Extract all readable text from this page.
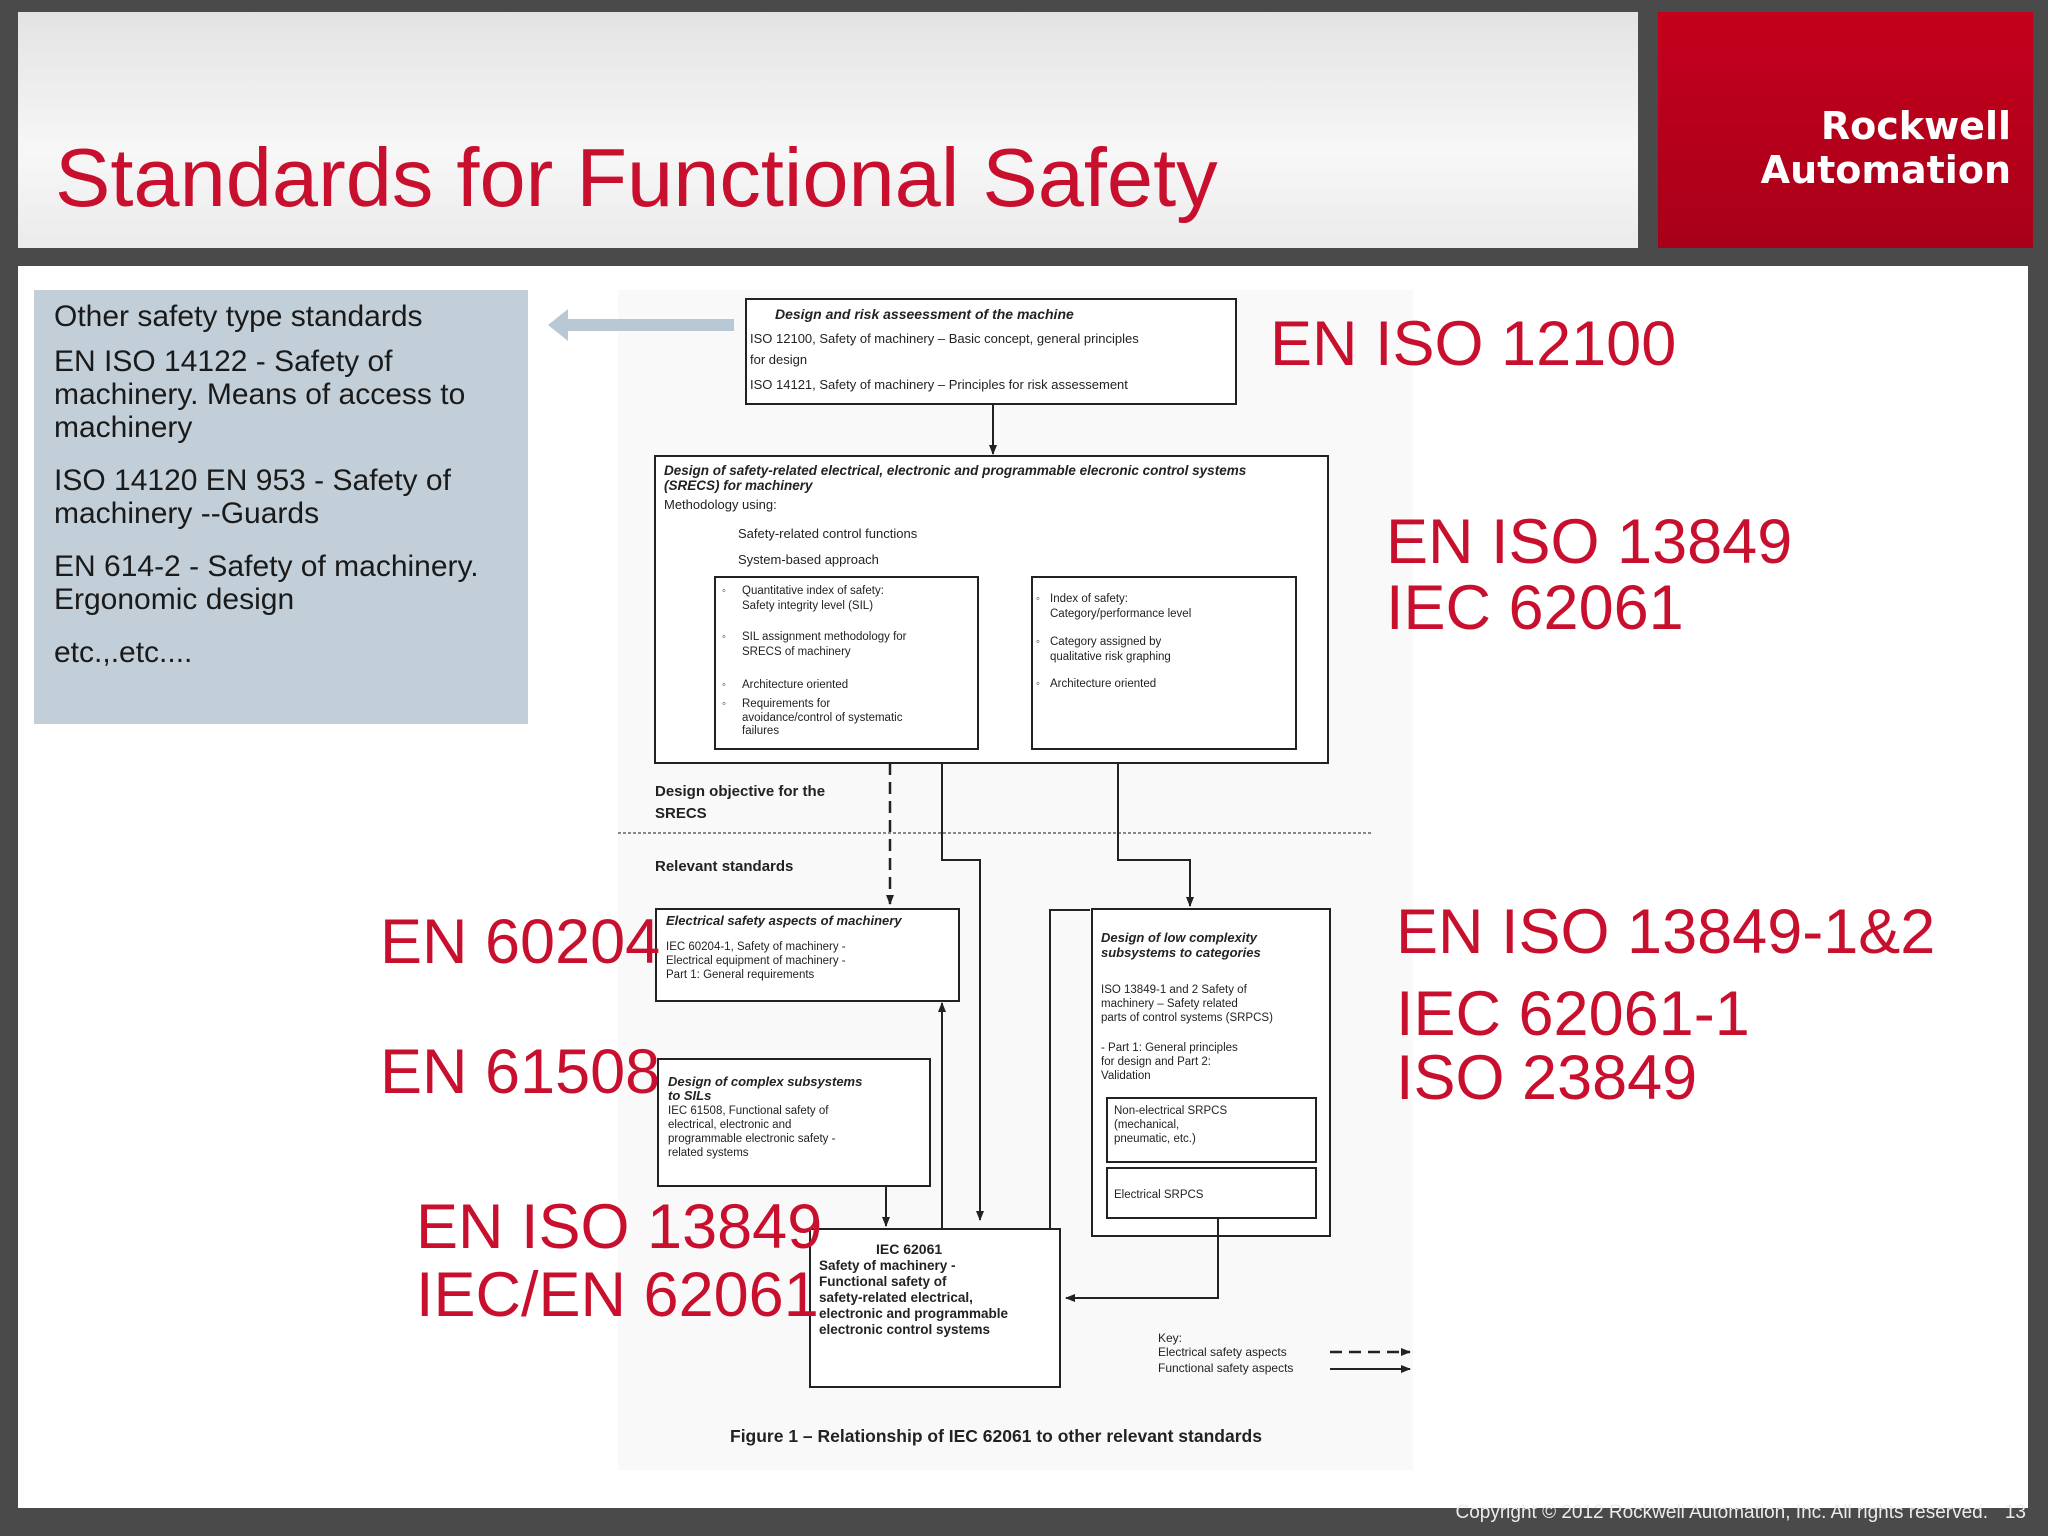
Standards for Functional Safety
Rockwell
Automation

Other safety type standards

EN ISO 14122 - Safety of machinery. Means of access to machinery

ISO 14120 EN 953 - Safety of machinery --Guards

EN 614-2 - Safety of machinery. Ergonomic design

etc.,.etc....

Design and risk asseessment of the machine
ISO 12100, Safety of machinery – Basic concept, general principles
for design
ISO 14121, Safety of machinery – Principles for risk assessement
Design of safety-related electrical, electronic and programmable elecronic control systems
(SRECS) for machinery
Methodology using:
Safety-related control functions
System-based approach
Quantitative index of safety:
Safety integrity level (SIL)
SIL assignment methodology for
SRECS of machinery
Architecture oriented
Requirements for
avoidance/control of systematic
failures
◦
◦
◦
◦
Index of safety:
Category/performance level
Category assigned by
qualitative risk graphing
Architecture oriented
◦
◦
◦
Design objective for the
SRECS
Relevant standards
Electrical safety aspects of machinery
IEC 60204-1, Safety of machinery -
Electrical equipment of machinery -
Part 1: General requirements
Design of complex subsystems
to SILs
IEC 61508, Functional safety of
electrical, electronic and
programmable electronic safety -
related systems
Design of low complexity
subsystems to categories
ISO 13849-1 and 2 Safety of
machinery – Safety related
parts of control systems (SRPCS)
- Part 1: General principles
for design and Part 2:
Validation
Non-electrical SRPCS
(mechanical,
pneumatic, etc.)
Electrical SRPCS
IEC 62061
Safety of machinery -
Functional safety of
safety-related electrical,
electronic and programmable
electronic control systems
Key:
Electrical safety aspects
Functional safety aspects
Figure 1 – Relationship of IEC 62061 to other relevant standards
EN ISO 12100
EN ISO 13849
IEC 62061
EN 60204
EN 61508
EN ISO 13849-1&2
IEC 62061-1
ISO 23849
EN ISO 13849
IEC/EN 62061
Copyright © 2012 Rockwell Automation, Inc. All rights reserved. 13
